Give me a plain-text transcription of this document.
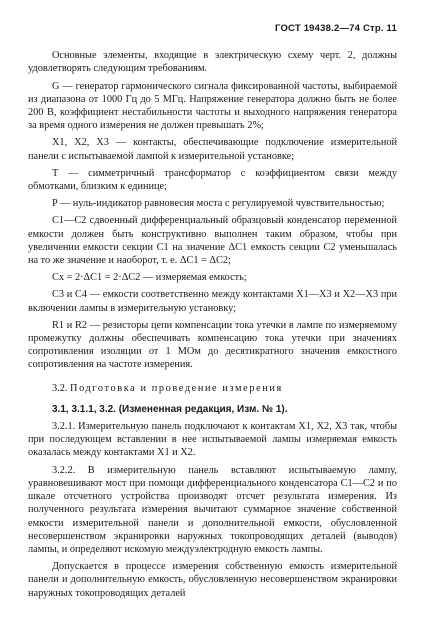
ГОСТ 19438.2—74 Стр. 11

Основные элементы, входящие в электрическую схему черт. 2, должны удовлетворять следующим требованиям.

G — генератор гармонического сигнала фиксированной частоты, выбираемой из диапазона от 1000 Гц до 5 МГц. Напряжение генератора должно быть не более 200 В, коэффициент нестабильности частоты и выходного напряжения генератора за время одного измерения не должен превышать 2%;

X1, X2, X3 — контакты, обеспечивающие подключение измерительной панели с испытываемой лампой к измерительной установке;

T — симметричный трансформатор с коэффициентом связи между обмотками, близким к единице;

P — нуль-индикатор равновесия моста с регулируемой чувствительностью;

C1—C2 сдвоенный дифференциальный образцовый конденсатор переменной емкости должен быть конструктивно выполнен таким образом, чтобы при увеличении емкости секции C1 на значение ΔC1 емкость секции C2 уменьшалась на то же значение и наоборот, т. е. ΔC1 = ΔC2;

Cx = 2·ΔC1 = 2·ΔC2 — измеряемая емкость;

C3 и C4 — емкости соответственно между контактами X1—X3 и X2—X3 при включении лампы в измерительную установку;

R1 и R2 — резисторы цепи компенсации тока утечки в лампе по измеряемому промежутку должны обеспечивать компенсацию тока утечки при значениях сопротивления изоляции от 1 МОм до десятикратного значения емкостного сопротивления на частоте измерения.

3.2. Подготовка и проведение измерения

3.1, 3.1.1, 3.2. (Измененная редакция, Изм. № 1).

3.2.1. Измерительную панель подключают к контактам X1, X2, X3 так, чтобы при последующем вставлении в нее испытываемой лампы измеряемая емкость оказалась между контактами X1 и X2.

3.2.2. В измерительную панель вставляют испытываемую лампу, уравновешивают мост при помощи дифференциального конденсатора C1—C2 и по шкале отсчетного устройства производят отсчет результата измерения. Из полученного результата измерения вычитают суммарное значение собственной емкости измерительной панели и дополнительной емкости, обусловленной несовершенством экранировки наружных токопроводящих деталей (выводов) лампы, и определяют искомую междуэлектродную емкость лампы.

Допускается в процессе измерения собственную емкость измерительной панели и дополнительную емкость, обусловленную несовершенством экранировки наружных токопроводящих деталей
